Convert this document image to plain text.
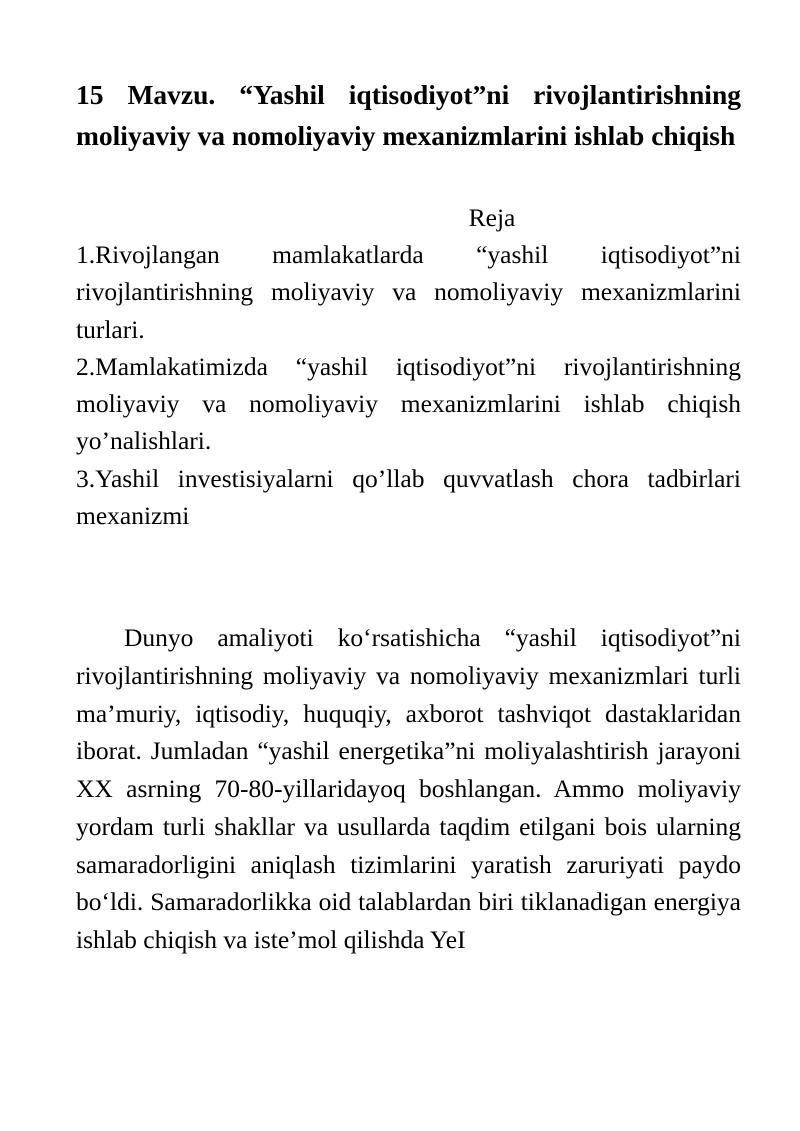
15 Mavzu. “Yashil iqtisodiyot”ni rivojlantirishning moliyaviy va nomoliyaviy mexanizmlarini ishlab chiqish

Reja

1.Rivojlangan mamlakatlarda “yashil iqtisodiyot”ni rivojlantirishning moliyaviy va nomoliyaviy mexanizmlarini turlari.
2.Mamlakatimizda “yashil iqtisodiyot”ni rivojlantirishning moliyaviy va nomoliyaviy mexanizmlarini ishlab chiqish yo’nalishlari.
3.Yashil investisiyalarni qo’llab quvvatlash chora tadbirlari mexanizmi

Dunyo amaliyoti ko‘rsatishicha “yashil iqtisodiyot”ni rivojlantirishning moliyaviy va nomoliyaviy mexanizmlari turli ma’muriy, iqtisodiy, huquqiy, axborot tashviqot dastaklaridan iborat. Jumladan “yashil energetika”ni moliyalashtirish jarayoni XX asrning 70-80-yillaridayoq boshlangan. Ammo moliyaviy yordam turli shakllar va usullarda taqdim etilgani bois ularning samaradorligini aniqlash tizimlarini yaratish zaruriyati paydo bo‘ldi. Samaradorlikka oid talablardan biri tiklanadigan energiya ishlab chiqish va iste’mol qilishda YeI
